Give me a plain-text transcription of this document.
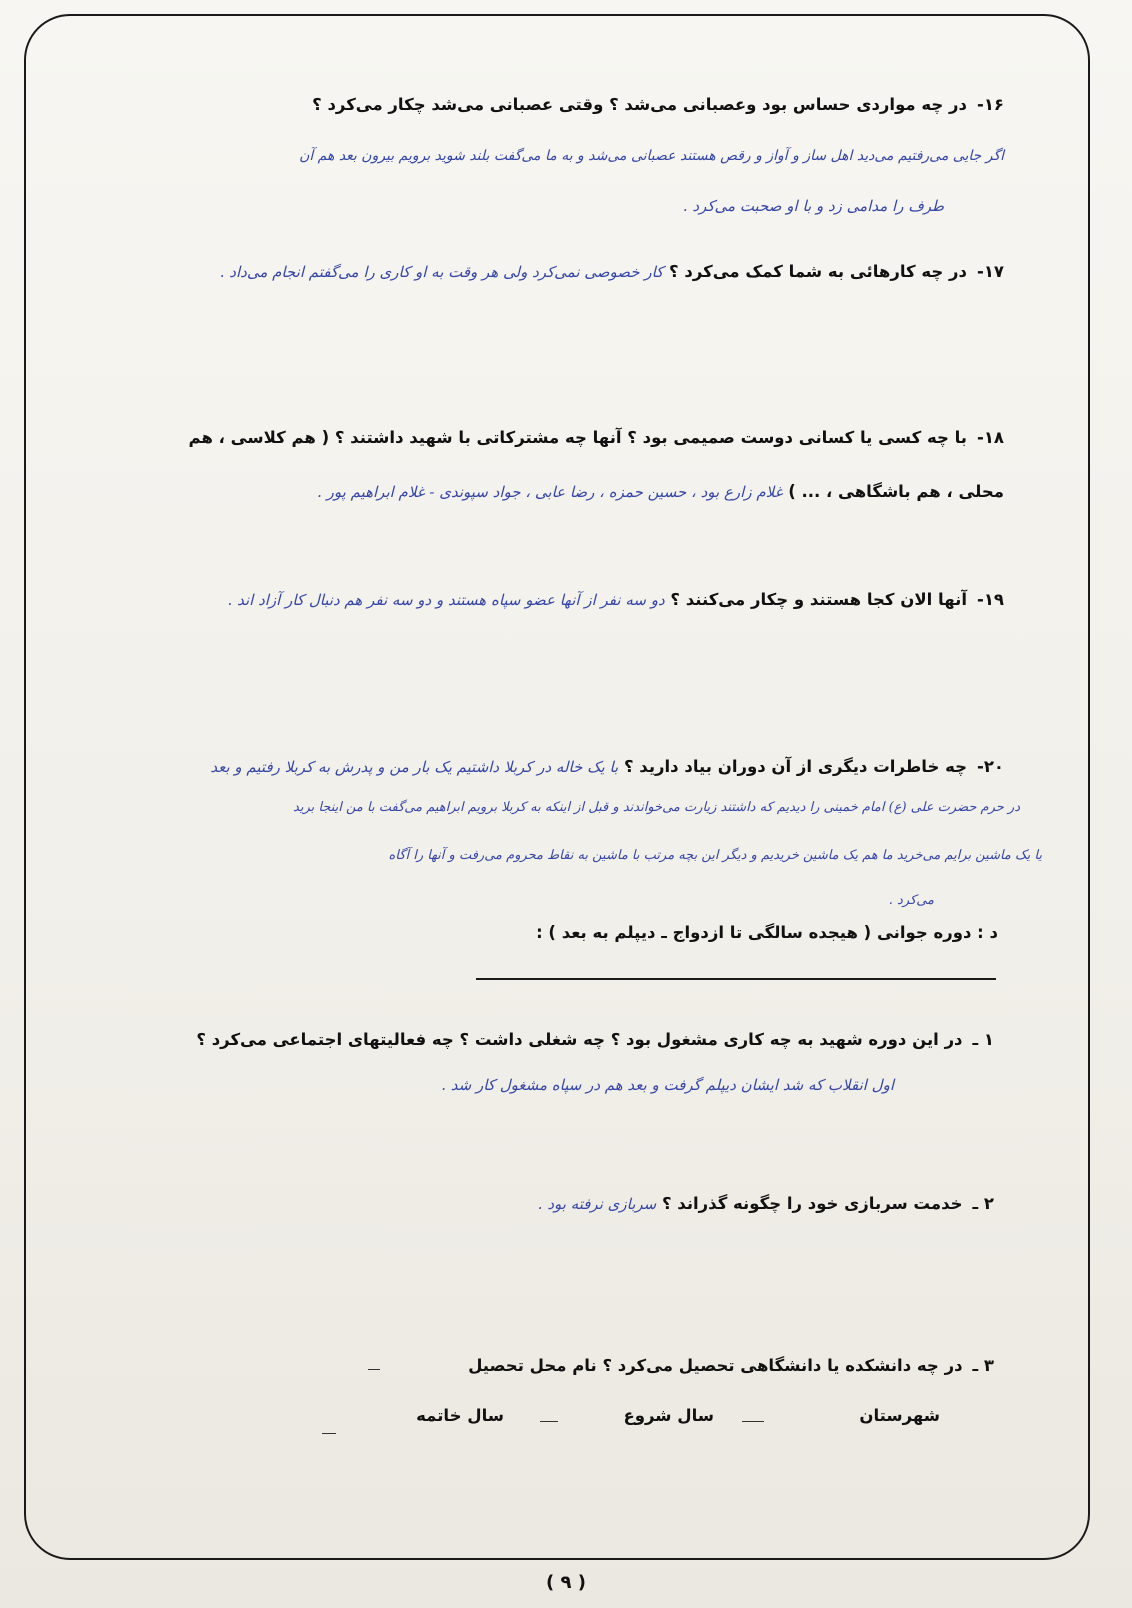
۱۶-در چه مواردی حساس بود وعصبانی می‌شد ؟ وقتی عصبانی می‌شد چکار می‌کرد ؟
اگر جایی می‌رفتیم می‌دید اهل ساز و آواز و رقص هستند عصبانی می‌شد و به ما می‌گفت بلند شوید برویم بیرون بعد هم آن
طرف را مدامی زد و با او صحبت می‌کرد .
۱۷-در چه کارهائی به شما کمک می‌کرد ؟ کار خصوصی نمی‌کرد ولی هر وقت به او کاری را می‌گفتم انجام می‌داد .
۱۸-با چه کسی یا کسانی دوست صمیمی بود ؟ آنها چه مشترکاتی با شهید داشتند ؟ ( هم کلاسی ، هم
محلی ، هم باشگاهی ، ... ) غلام زارع بود ، حسین حمزه ، رضا عابی ، جواد سپوندی - غلام ابراهیم پور .
۱۹-آنها الان کجا هستند و چکار می‌کنند ؟ دو سه نفر از آنها عضو سپاه هستند و دو سه نفر هم دنبال کار آزاد اند .
۲۰-چه خاطرات دیگری از آن دوران بیاد دارید ؟ با یک خاله در کربلا داشتیم یک بار من و پدرش به کربلا رفتیم و بعد
در حرم حضرت علی (ع) امام خمینی را دیدیم که داشتند زیارت می‌خواندند و قبل از اینکه به کربلا برویم ابراهیم می‌گفت با من اینجا برید
یا یک ماشین برایم می‌خرید ما هم یک ماشین خریدیم و دیگر این بچه مرتب با ماشین به نقاط محروم می‌رفت و آنها را آگاه
می‌کرد .
د : دوره جوانی ( هیجده سالگی تا ازدواج ـ دیپلم به بعد ) :
۱ ـدر این دوره شهید به چه کاری مشغول بود ؟ چه شغلی داشت ؟ چه فعالیتهای اجتماعی می‌کرد ؟
اول انقلاب که شد ایشان دیپلم گرفت و بعد هم در سپاه مشغول کار شد .
۲ ـخدمت سربازی خود را چگونه گذراند ؟ سربازی نرفته بود .
۳ ـدر چه دانشکده یا دانشگاهی تحصیل می‌کرد ؟ نام محل تحصیل
شهرستان
سال شروع
سال خاتمه
( ۹ )
